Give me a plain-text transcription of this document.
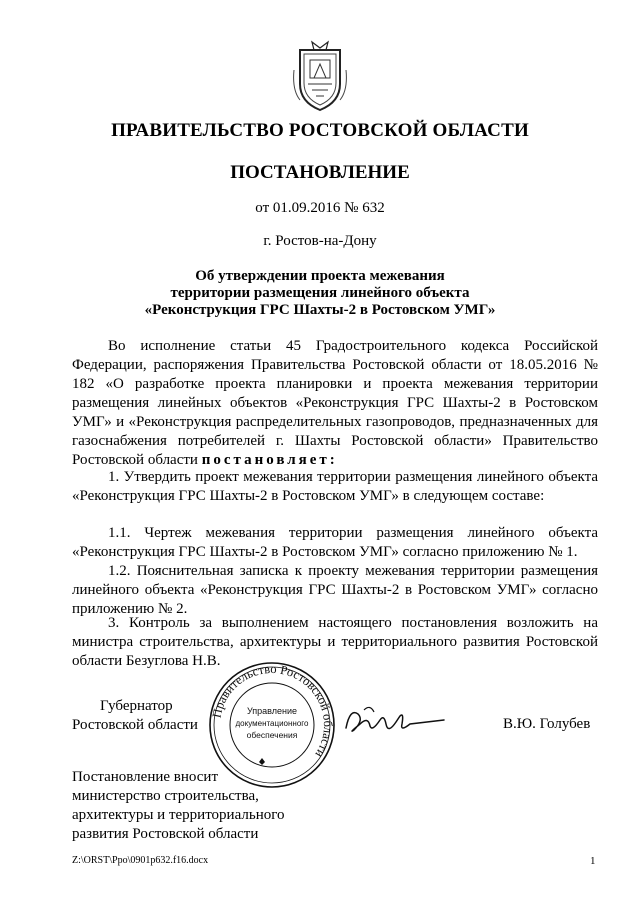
ПРАВИТЕЛЬСТВО РОСТОВСКОЙ ОБЛАСТИ
ПОСТАНОВЛЕНИЕ
от 01.09.2016 № 632
г. Ростов-на-Дону
Об утверждении проекта межевания
территории размещения линейного объекта
«Реконструкция ГРС Шахты-2 в Ростовском УМГ»

Во исполнение статьи 45 Градостроительного кодекса Российской Федерации, распоряжения Правительства Ростовской области от 18.05.2016 № 182 «О разработке проекта планировки и проекта межевания территории размещения линейных объектов «Реконструкция ГРС Шахты-2 в Ростовском УМГ» и «Реконструкция распределительных газопроводов, предназначенных для газоснабжения потребителей г. Шахты Ростовской области» Правительство Ростовской области постановляет:

1. Утвердить проект межевания территории размещения линейного объекта «Реконструкция ГРС Шахты-2 в Ростовском УМГ» в следующем составе:

1.1. Чертеж межевания территории размещения линейного объекта «Реконструкция ГРС Шахты-2 в Ростовском УМГ» согласно приложению № 1.

1.2. Пояснительная записка к проекту межевания территории размещения линейного объекта «Реконструкция ГРС Шахты-2 в Ростовском УМГ» согласно приложению № 2.

3. Контроль за выполнением настоящего постановления возложить на министра строительства, архитектуры и территориального развития Ростовской области Безуглова Н.В.

Губернатор
Ростовской области
Правительство Ростовской области
Управление
документационного
обеспечения
В.Ю. Голубев
Постановление вносит
министерство строительства,
архитектуры и территориального
развития Ростовской области
Z:\ORST\Ppo\0901p632.f16.docx	1
